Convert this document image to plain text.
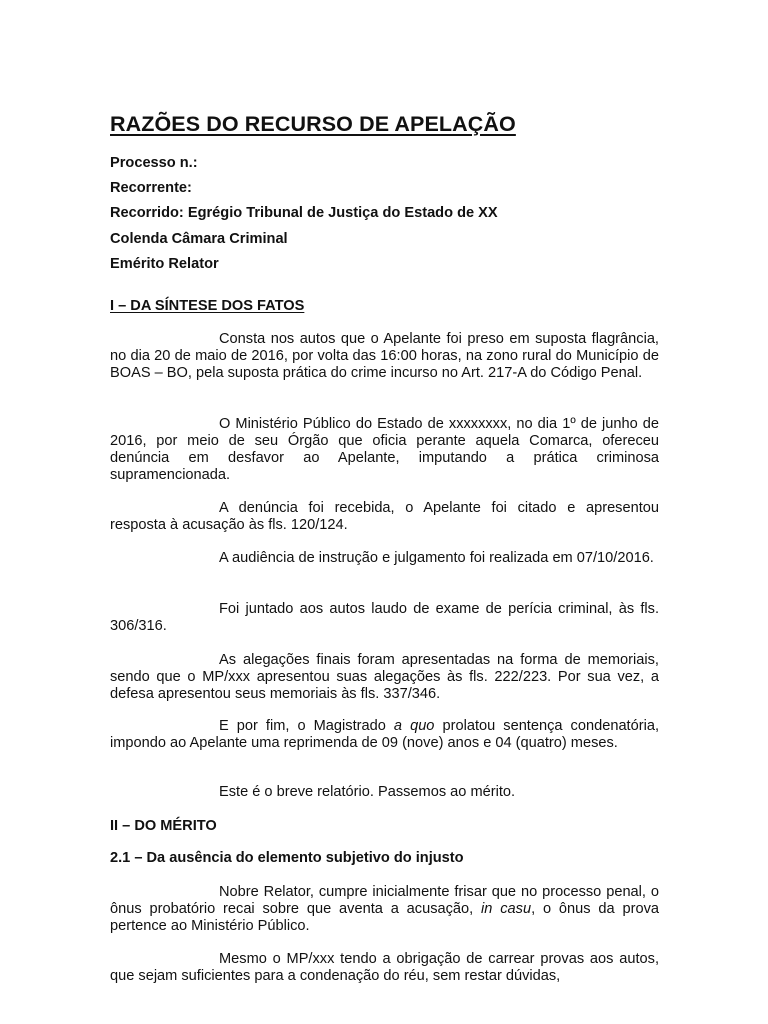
RAZÕES DO RECURSO DE APELAÇÃO

Processo n.:

Recorrente:

Recorrido: Egrégio Tribunal de Justiça do Estado de XX

Colenda Câmara Criminal

Emérito Relator

I – DA SÍNTESE DOS FATOS

Consta nos autos que o Apelante foi preso em suposta flagrância, no dia 20 de maio de 2016, por volta das 16:00 horas, na zono rural do Município de BOAS – BO, pela suposta prática do crime incurso no Art. 217-A do Código Penal.

O Ministério Público do Estado de xxxxxxxx, no dia 1º de junho de 2016, por meio de seu Órgão que oficia perante aquela Comarca, ofereceu denúncia em desfavor ao Apelante, imputando a prática criminosa supramencionada.

A denúncia foi recebida, o Apelante foi citado e apresentou resposta à acusação às fls. 120/124.

A audiência de instrução e julgamento foi realizada em 07/10/2016.

Foi juntado aos autos laudo de exame de perícia criminal, às fls. 306/316.

As alegações finais foram apresentadas na forma de memoriais, sendo que o MP/xxx apresentou suas alegações às fls. 222/223. Por sua vez, a defesa apresentou seus memoriais às fls. 337/346.

E por fim, o Magistrado a quo prolatou sentença condenatória, impondo ao Apelante uma reprimenda de 09 (nove) anos e 04 (quatro) meses.

Este é o breve relatório. Passemos ao mérito.

II – DO MÉRITO

2.1 – Da ausência do elemento subjetivo do injusto

Nobre Relator, cumpre inicialmente frisar que no processo penal, o ônus probatório recai sobre que aventa a acusação, in casu, o ônus da prova pertence ao Ministério Público.

Mesmo o MP/xxx tendo a obrigação de carrear provas aos autos, que sejam suficientes para a condenação do réu, sem restar dúvidas,
